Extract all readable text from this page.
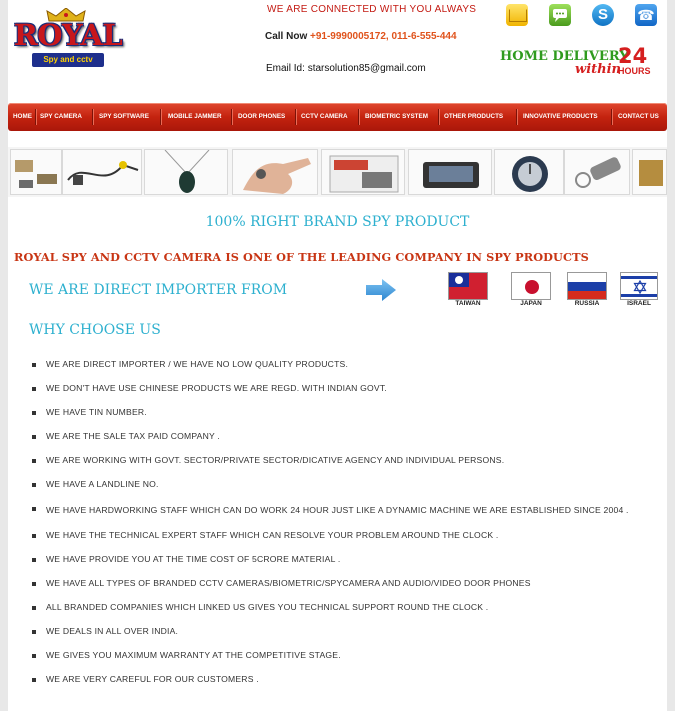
ROYAL
Spy and cctv
WE ARE CONNECTED WITH YOU ALWAYS
Call Now +91-9990005172, 011-6-555-444
Email Id: starsolution85@gmail.com
S	☎
HOME DELIVERY
24
within
HOURS
HOME SPY CAMERA	SPY SOFTWARE	MOBILE JAMMER	DOOR PHONES	CCTV CAMERA	BIOMETRIC SYSTEM	OTHER PRODUCTS	INNOVATIVE PRODUCTS	CONTACT US
100% RIGHT BRAND SPY PRODUCT
ROYAL SPY AND CCTV CAMERA IS ONE OF THE LEADING COMPANY IN SPY PRODUCTS
WE ARE DIRECT IMPORTER FROM
TAIWAN	JAPAN	RUSSIA	ISRAEL
WHY CHOOSE US
WE ARE DIRECT IMPORTER / WE HAVE NO LOW QUALITY PRODUCTS.
WE DON'T HAVE USE CHINESE PRODUCTS WE ARE REGD. WITH INDIAN GOVT.
WE HAVE TIN NUMBER.
WE ARE THE SALE TAX PAID COMPANY .
WE ARE WORKING WITH GOVT. SECTOR/PRIVATE SECTOR/DICATIVE AGENCY AND INDIVIDUAL PERSONS.
WE HAVE A LANDLINE NO.
WE HAVE HARDWORKING STAFF WHICH CAN DO WORK 24 HOUR JUST LIKE A DYNAMIC MACHINE WE ARE ESTABLISHED SINCE 2004 .
WE HAVE THE TECHNICAL EXPERT STAFF WHICH CAN RESOLVE YOUR PROBLEM AROUND THE CLOCK .
WE HAVE PROVIDE YOU AT THE TIME COST OF 5CRORE MATERIAL .
WE HAVE ALL TYPES OF BRANDED CCTV CAMERAS/BIOMETRIC/SPYCAMERA AND AUDIO/VIDEO DOOR PHONES
ALL BRANDED COMPANIES WHICH LINKED US GIVES YOU TECHNICAL SUPPORT ROUND THE CLOCK .
WE DEALS IN ALL OVER INDIA.
WE GIVES YOU MAXIMUM WARRANTY AT THE COMPETITIVE STAGE.
WE ARE VERY CAREFUL FOR OUR CUSTOMERS .
